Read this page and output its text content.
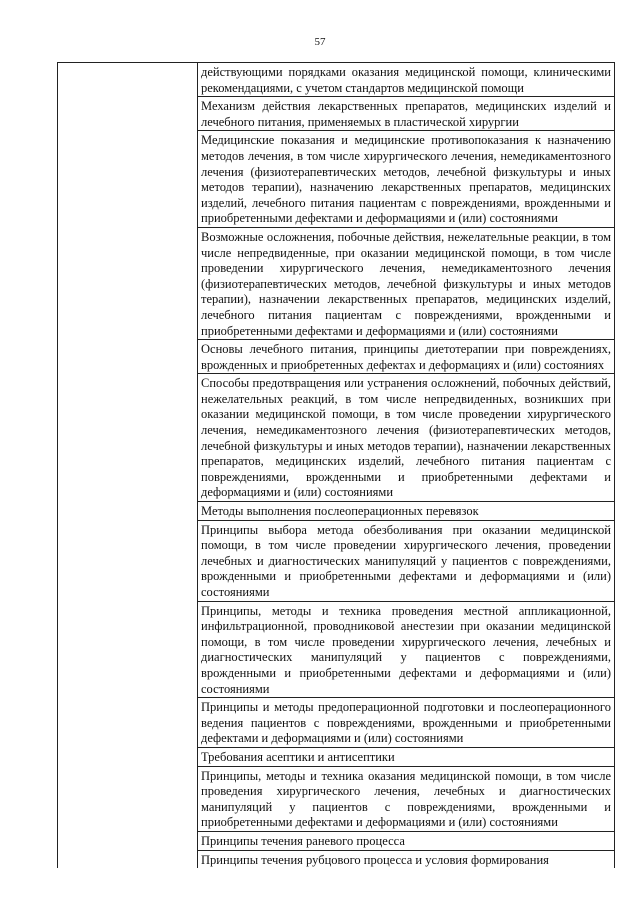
57
действующими порядками оказания медицинской помощи, клиническими рекомендациями, с учетом стандартов медицинской помощи
Механизм действия лекарственных препаратов, медицинских изделий и лечебного питания, применяемых в пластической хирургии
Медицинские показания и медицинские противопоказания к назначению методов лечения, в том числе хирургического лечения, немедикаментозного лечения (физиотерапевтических методов, лечебной физкультуры и иных методов терапии), назначению лекарственных препаратов, медицинских изделий, лечебного питания пациентам с повреждениями, врожденными и приобретенными дефектами и деформациями и (или) состояниями
Возможные осложнения, побочные действия, нежелательные реакции, в том числе непредвиденные, при оказании медицинской помощи, в том числе проведении хирургического лечения, немедикаментозного лечения (физиотерапевтических методов, лечебной физкультуры и иных методов терапии), назначении лекарственных препаратов, медицинских изделий, лечебного питания пациентам с повреждениями, врожденными и приобретенными дефектами и деформациями и (или) состояниями
Основы лечебного питания, принципы диетотерапии при повреждениях, врожденных и приобретенных дефектах и деформациях и (или) состояниях
Способы предотвращения или устранения осложнений, побочных действий, нежелательных реакций, в том числе непредвиденных, возникших при оказании медицинской помощи, в том числе проведении хирургического лечения, немедикаментозного лечения (физиотерапевтических методов, лечебной физкультуры и иных методов терапии), назначении лекарственных препаратов, медицинских изделий, лечебного питания пациентам с повреждениями, врожденными и приобретенными дефектами и деформациями и (или) состояниями
Методы выполнения послеоперационных перевязок
Принципы выбора метода обезболивания при оказании медицинской помощи, в том числе проведении хирургического лечения, проведении лечебных и диагностических манипуляций у пациентов с повреждениями, врожденными и приобретенными дефектами и деформациями и (или) состояниями
Принципы, методы и техника проведения местной аппликационной, инфильтрационной, проводниковой анестезии при оказании медицинской помощи, в том числе проведении хирургического лечения, лечебных и диагностических манипуляций у пациентов с повреждениями, врожденными и приобретенными дефектами и деформациями и (или) состояниями
Принципы и методы предоперационной подготовки и послеоперационного ведения пациентов с повреждениями, врожденными и приобретенными дефектами и деформациями и (или) состояниями
Требования асептики и антисептики
Принципы, методы и техника оказания медицинской помощи, в том числе проведения хирургического лечения, лечебных и диагностических манипуляций у пациентов с повреждениями, врожденными и приобретенными дефектами и деформациями и (или) состояниями
Принципы течения раневого процесса
Принципы течения рубцового процесса и условия формирования
